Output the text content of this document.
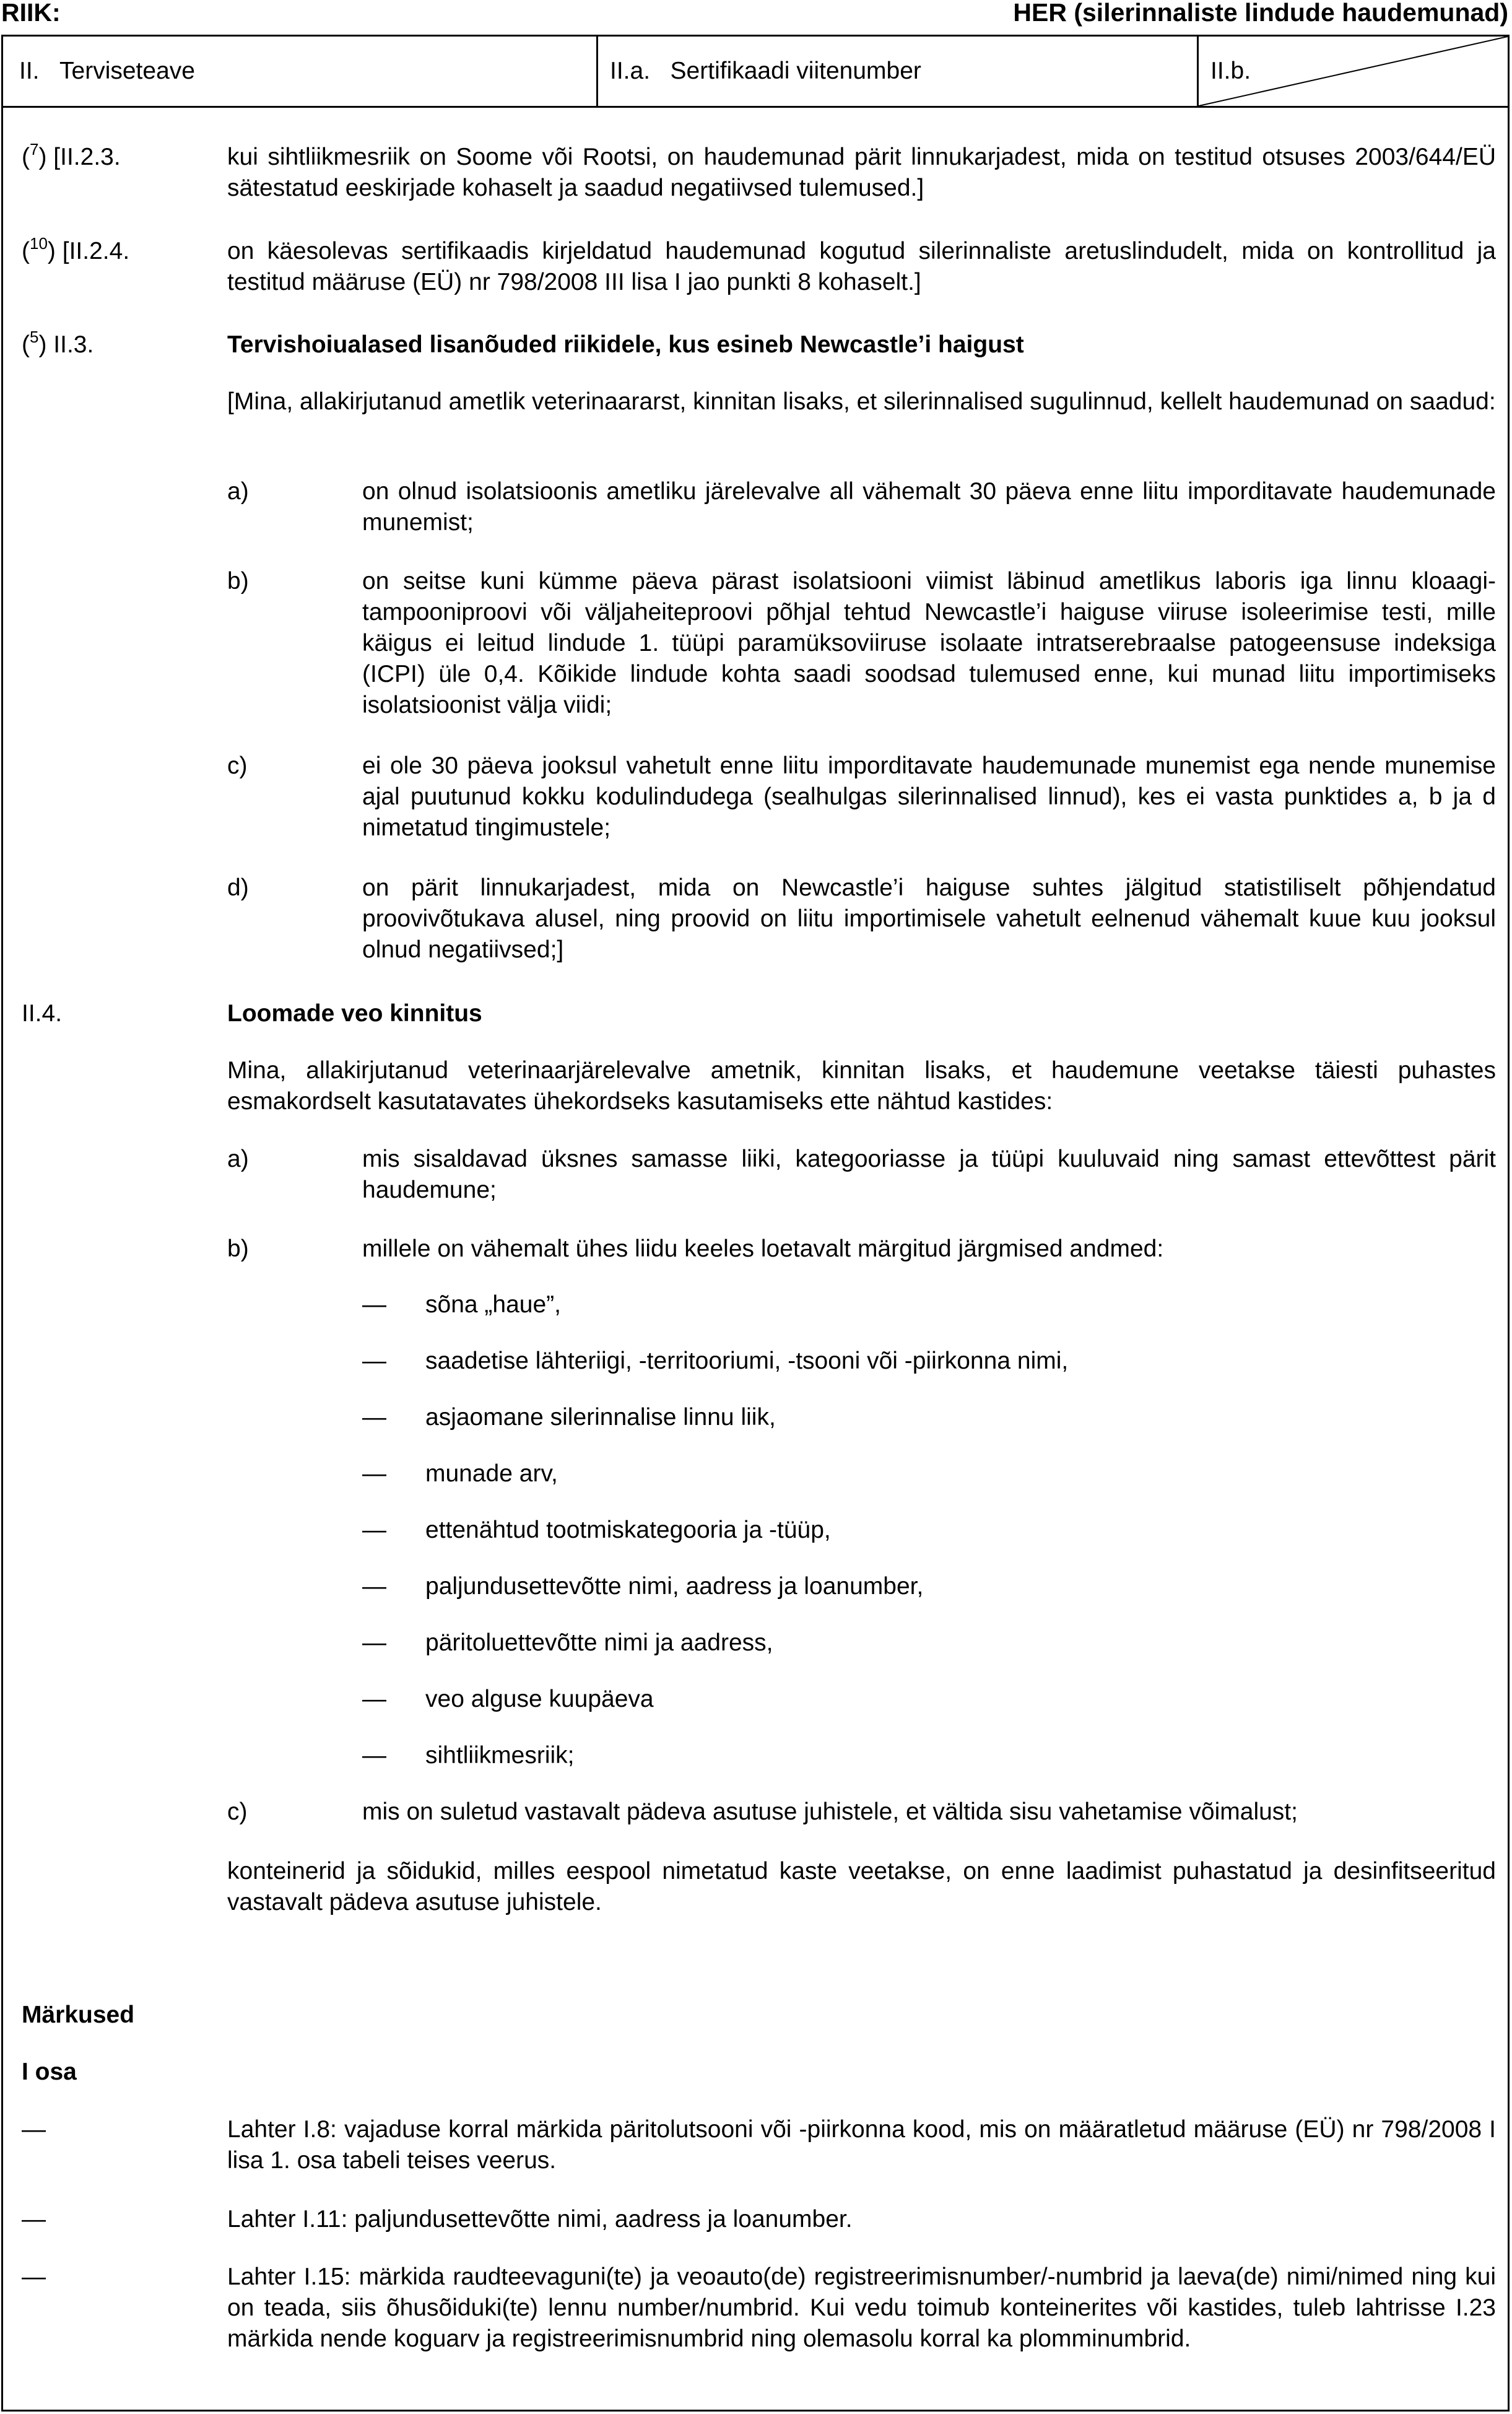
RIIK:	HER (silerinnaliste lindude haudemunad)
II.   Terviseteave	II.a.   Sertifikaadi viitenumber	II.b.
($^7$) [II.2.3.	kui sihtliikmesriik on Soome või Rootsi, on haudemunad pärit linnukarjadest, mida on testitud otsuses 2003/644/EÜ sätestatud eeskirjade kohaselt ja saadud negatiivsed tulemused.]

($^{10}$) [II.2.4.	on käesolevas sertifikaadis kirjeldatud haudemunad kogutud silerinnaliste aretuslindudelt, mida on kontrollitud ja testitud määruse (EÜ) nr 798/2008 III lisa I jao punkti 8 kohaselt.]

($^5$) II.3.	Tervishoiualased lisanõuded riikidele, kus esineb Newcastle’i haigust

[Mina, allakirjutanud ametlik veterinaararst, kinnitan lisaks, et silerinnalised sugulinnud, kellelt haudemunad on saadud:

a)	on olnud isolatsioonis ametliku järelevalve all vähemalt 30 päeva enne liitu imporditavate haudemunade munemist;

b)	on seitse kuni kümme päeva pärast isolatsiooni viimist läbinud ametlikus laboris iga linnu kloaagi-tampooniproovi või väljaheiteproovi põhjal tehtud Newcastle’i haiguse viiruse isoleerimise testi, mille käigus ei leitud lindude 1. tüüpi paramüksoviiruse isolaate intratserebraalse patogeensuse indeksiga (ICPI) üle 0,4. Kõikide lindude kohta saadi soodsad tulemused enne, kui munad liitu importimiseks isolatsioonist välja viidi;

c)	ei ole 30 päeva jooksul vahetult enne liitu imporditavate haudemunade munemist ega nende munemise ajal puutunud kokku kodulindudega (sealhulgas silerinnalised linnud), kes ei vasta punktides a, b ja d nimetatud tingimustele;

d)	on pärit linnukarjadest, mida on Newcastle’i haiguse suhtes jälgitud statistiliselt põhjendatud proovivõtukava alusel, ning proovid on liitu importimisele vahetult eelnenud vähemalt kuue kuu jooksul olnud negatiivsed;]

II.4.	Loomade veo kinnitus

Mina, allakirjutanud veterinaarjärelevalve ametnik, kinnitan lisaks, et haudemune veetakse täiesti puhastes esmakordselt kasutatavates ühekordseks kasutamiseks ette nähtud kastides:

a)	mis sisaldavad üksnes samasse liiki, kategooriasse ja tüüpi kuuluvaid ning samast ettevõttest pärit haudemune;

b)	millele on vähemalt ühes liidu keeles loetavalt märgitud järgmised andmed:

— sõna „haue”,
— saadetise lähteriigi, -territooriumi, -tsooni või -piirkonna nimi,
— asjaomane silerinnalise linnu liik,
— munade arv,
— ettenähtud tootmiskategooria ja -tüüp,
— paljundusettevõtte nimi, aadress ja loanumber,
— päritoluettevõtte nimi ja aadress,
— veo alguse kuupäeva
— sihtliikmesriik;
c)	mis on suletud vastavalt pädeva asutuse juhistele, et vältida sisu vahetamise võimalust;

konteinerid ja sõidukid, milles eespool nimetatud kaste veetakse, on enne laadimist puhastatud ja desinfitseeritud vastavalt pädeva asutuse juhistele.

Märkused
I osa
—	Lahter I.8: vajaduse korral märkida päritolutsooni või -piirkonna kood, mis on määratletud määruse (EÜ) nr 798/2008 I lisa 1. osa tabeli teises veerus.

—	Lahter I.11: paljundusettevõtte nimi, aadress ja loanumber.

—	Lahter I.15: märkida raudteevaguni(te) ja veoauto(de) registreerimisnumber/-numbrid ja laeva(de) nimi/nimed ning kui on teada, siis õhusõiduki(te) lennu number/numbrid. Kui vedu toimub konteinerites või kastides, tuleb lahtrisse I.23 märkida nende koguarv ja registreerimisnumbrid ning olemasolu korral ka plomminumbrid.
